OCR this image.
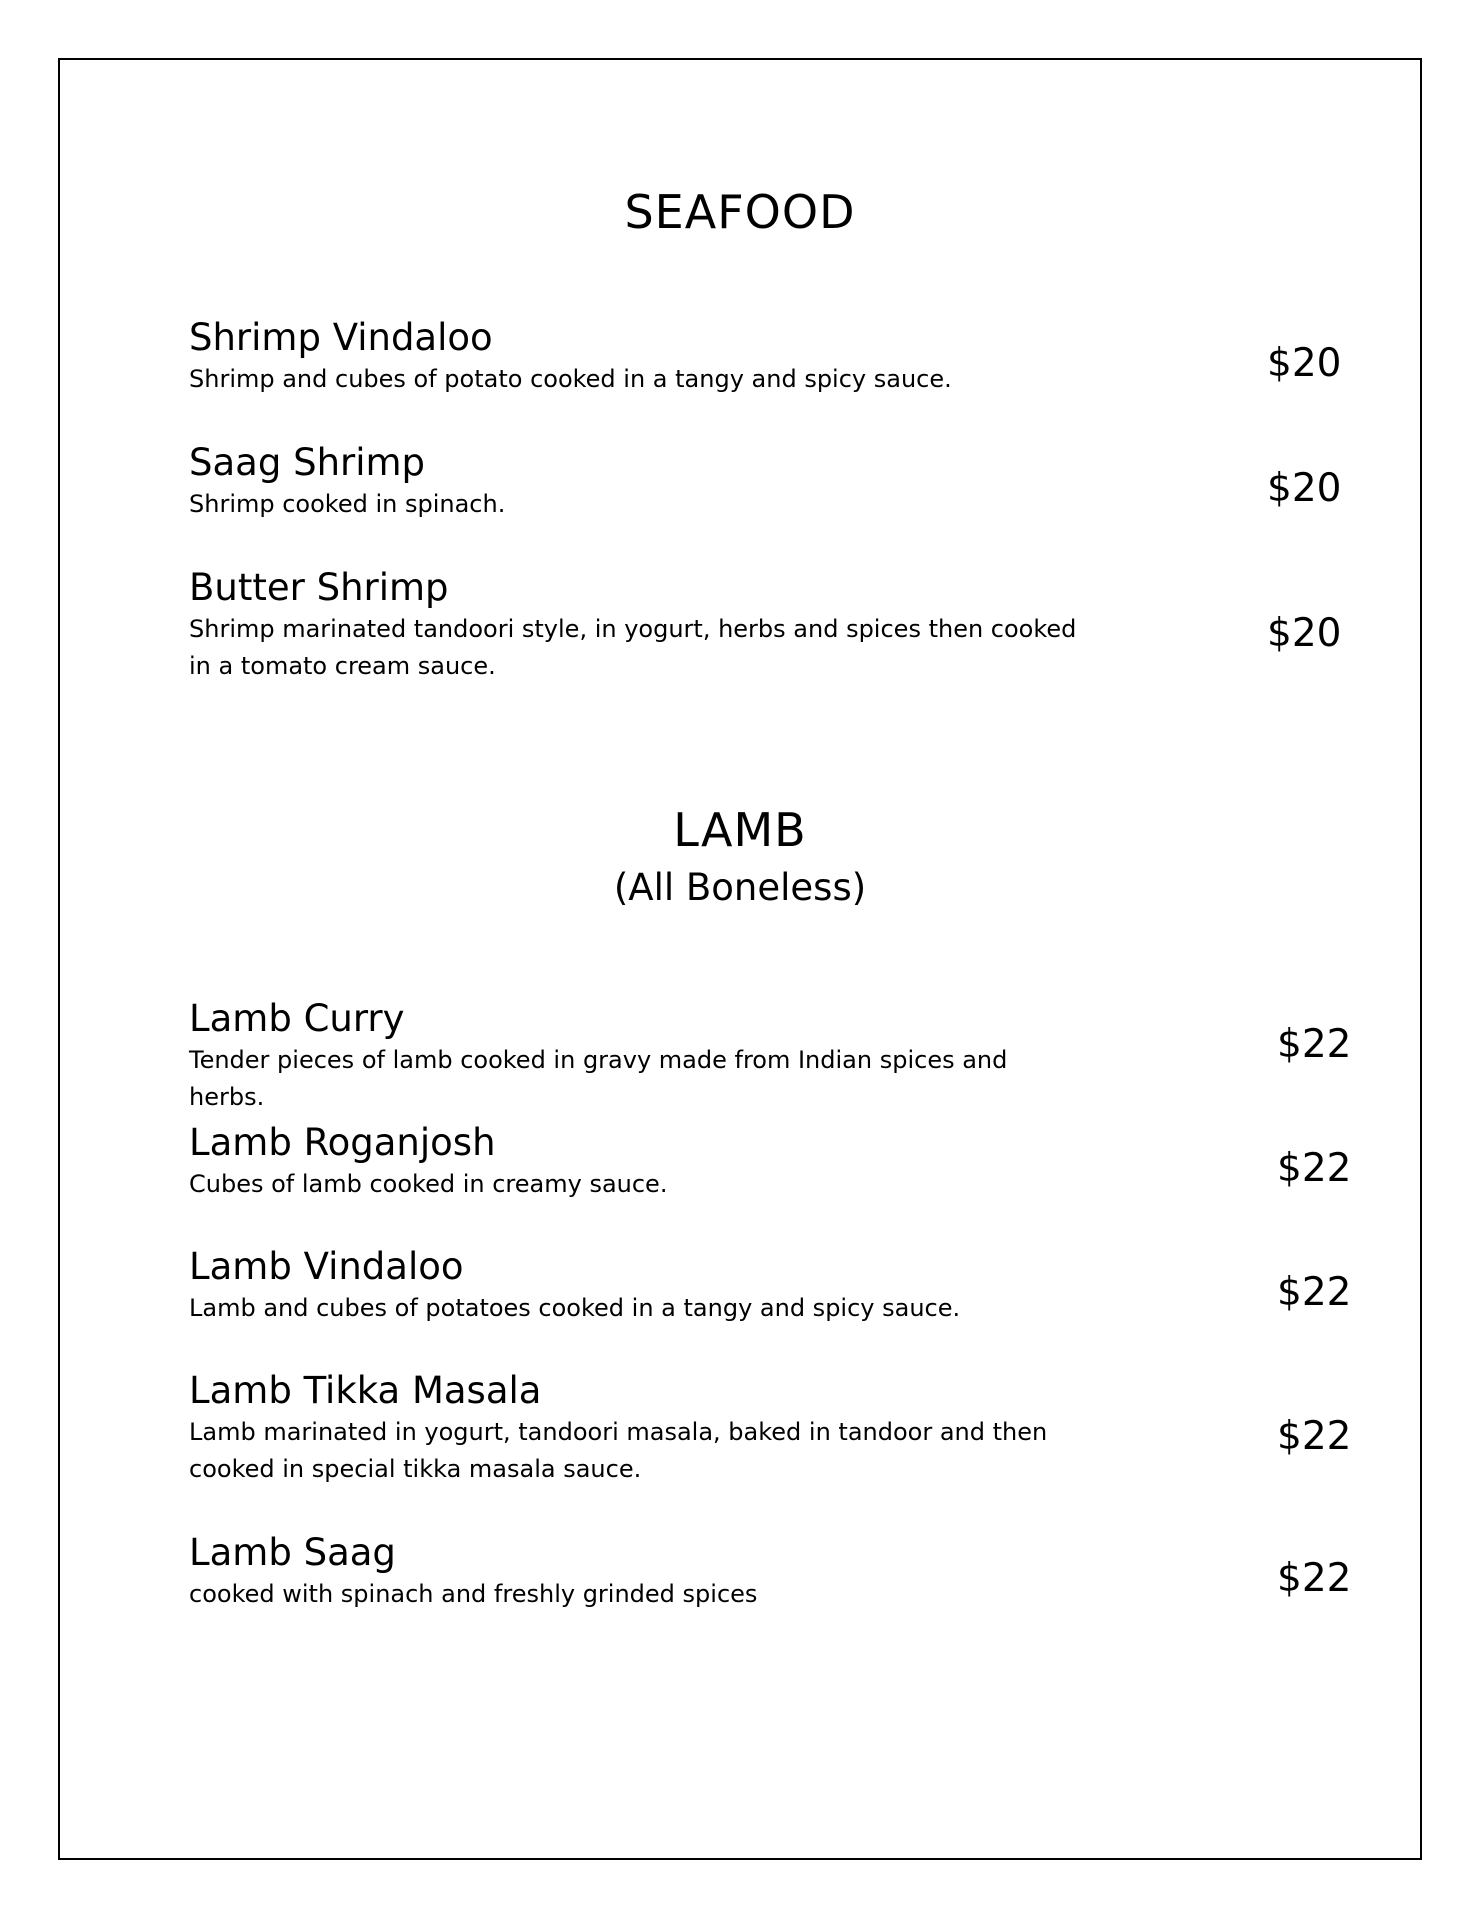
SEAFOOD
Shrimp Vindaloo
Shrimp and cubes of potato cooked in a tangy and spicy sauce.	$20
Saag Shrimp
Shrimp cooked in spinach.	$20
Butter Shrimp
Shrimp marinated tandoori style, in yogurt, herbs and spices then cooked in a tomato cream sauce.
$20
LAMB
(All Boneless)
Lamb Curry
Tender pieces of lamb cooked in gravy made from Indian spices and herbs.
$22
Lamb Roganjosh
Cubes of lamb cooked in creamy sauce.	$22
Lamb Vindaloo
Lamb and cubes of potatoes cooked in a tangy and spicy sauce.	$22
Lamb Tikka Masala
Lamb marinated in yogurt, tandoori masala, baked in tandoor and then cooked in special tikka masala sauce.
$22
Lamb Saag
cooked with spinach and freshly grinded spices	$22
